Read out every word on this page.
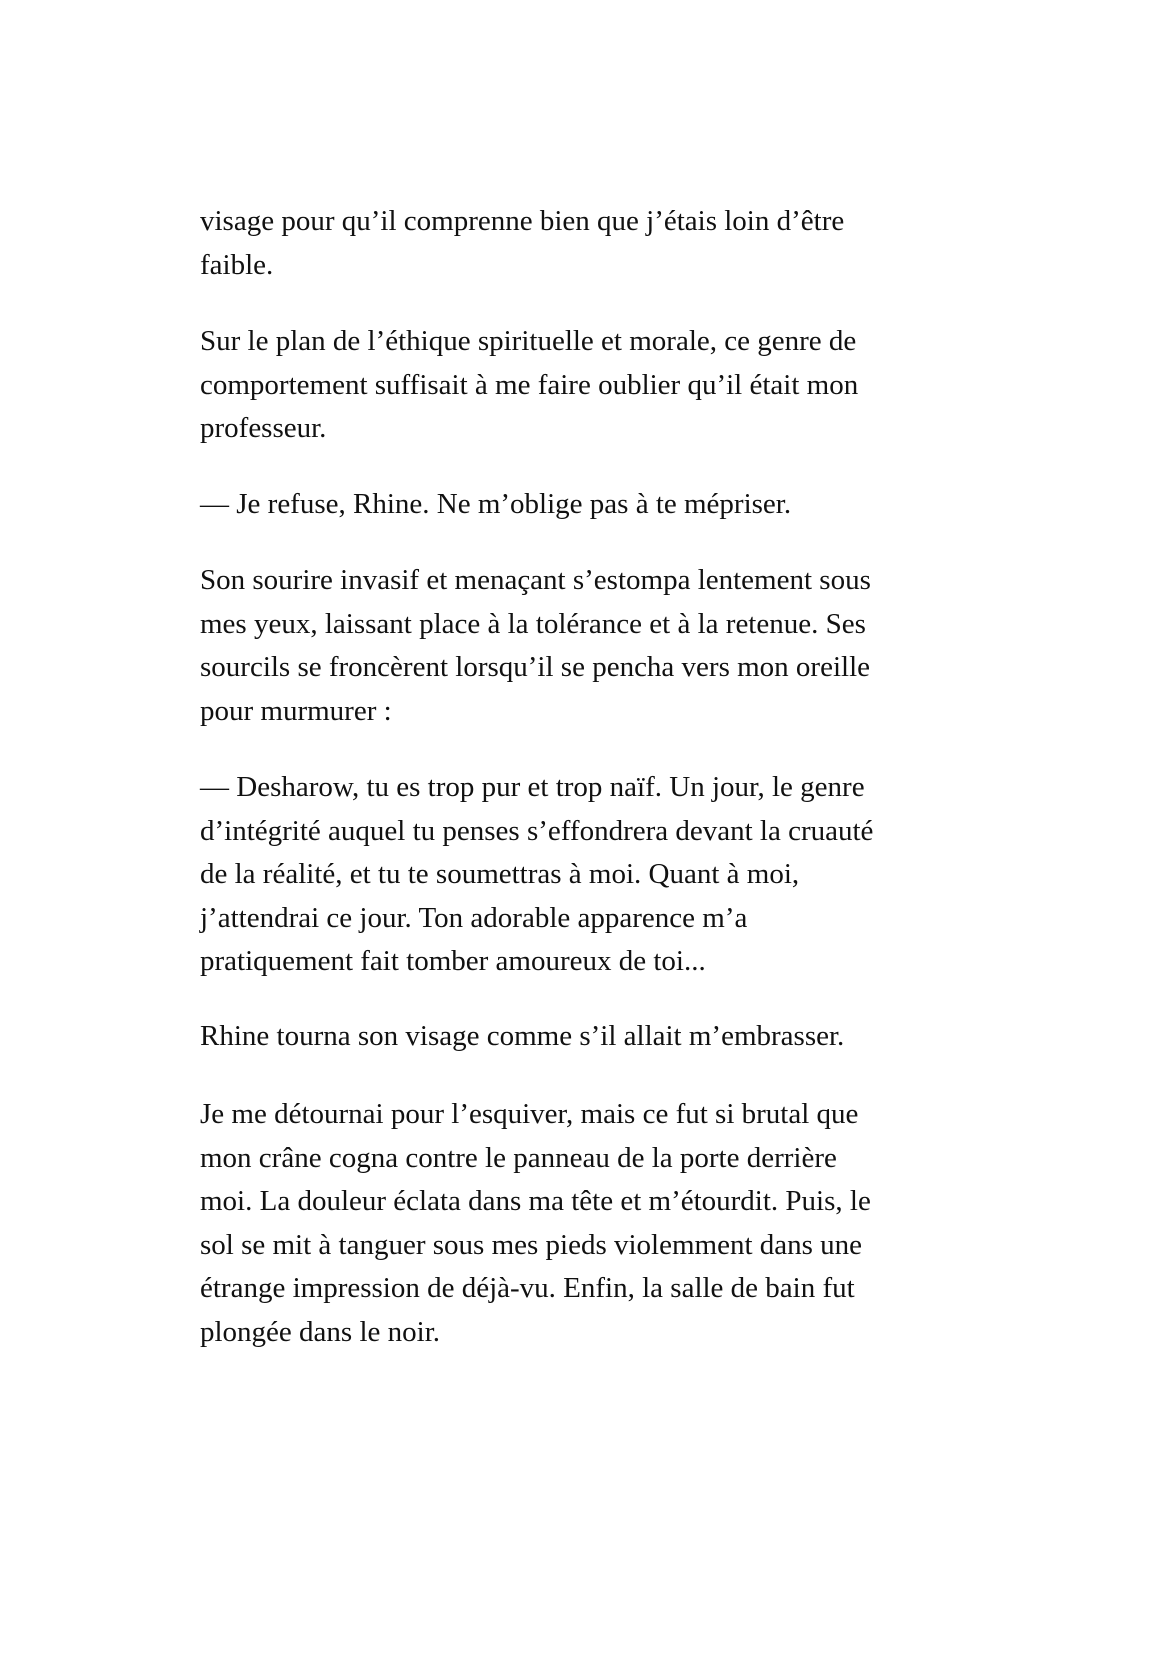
visage pour qu’il comprenne bien que j’étais loin d’être
faible.

Sur le plan de l’éthique spirituelle et morale, ce genre de
comportement suffisait à me faire oublier qu’il était mon
professeur.

— Je refuse, Rhine. Ne m’oblige pas à te mépriser.

Son sourire invasif et menaçant s’estompa lentement sous
mes yeux, laissant place à la tolérance et à la retenue. Ses
sourcils se froncèrent lorsqu’il se pencha vers mon oreille
pour murmurer :

— Desharow, tu es trop pur et trop naïf. Un jour, le genre
d’intégrité auquel tu penses s’effondrera devant la cruauté
de la réalité, et tu te soumettras à moi. Quant à moi,
j’attendrai ce jour. Ton adorable apparence m’a
pratiquement fait tomber amoureux de toi...

Rhine tourna son visage comme s’il allait m’embrasser.

Je me détournai pour l’esquiver, mais ce fut si brutal que
mon crâne cogna contre le panneau de la porte derrière
moi. La douleur éclata dans ma tête et m’étourdit. Puis, le
sol se mit à tanguer sous mes pieds violemment dans une
étrange impression de déjà-vu. Enfin, la salle de bain fut
plongée dans le noir.
